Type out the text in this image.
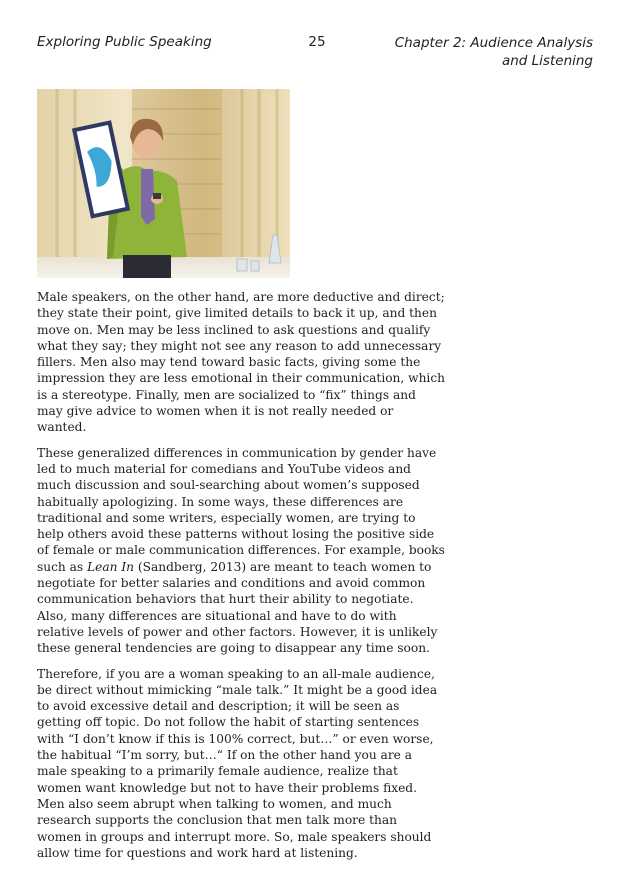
Exploring Public Speaking	25	Chapter 2: Audience Analysis and Listening

Male speakers, on the other hand, are more deductive and direct; they state their point, give limited details to back it up, and then move on. Men may be less inclined to ask questions and qualify what they say; they might not see any reason to add unnecessary fillers. Men also may tend toward basic facts, giving some the impression they are less emotional in their communication, which is a stereotype. Finally, men are socialized to “fix” things and may give advice to women when it is not really needed or wanted.

These generalized differences in communication by gender have led to much material for comedians and YouTube videos and much discussion and soul-searching about women’s supposed habitually apologizing. In some ways, these differences are traditional and some writers, especially women, are trying to help others avoid these patterns without losing the positive side of female or male communication differences. For example, books such as Lean In (Sandberg, 2013) are meant to teach women to negotiate for better salaries and conditions and avoid common communication behaviors that hurt their ability to negotiate. Also, many differences are situational and have to do with relative levels of power and other factors. However, it is unlikely these general tendencies are going to disappear any time soon.

Therefore, if you are a woman speaking to an all-male audience, be direct without mimicking “male talk.” It might be a good idea to avoid excessive detail and description; it will be seen as getting off topic. Do not follow the habit of starting sentences with “I don’t know if this is 100% correct, but…” or even worse, the habitual “I’m sorry, but…“ If on the other hand you are a male speaking to a primarily female audience, realize that women want knowledge but not to have their problems fixed. Men also seem abrupt when talking to women, and much research supports the conclusion that men talk more than women in groups and interrupt more. So, male speakers should allow time for questions and work hard at listening.
